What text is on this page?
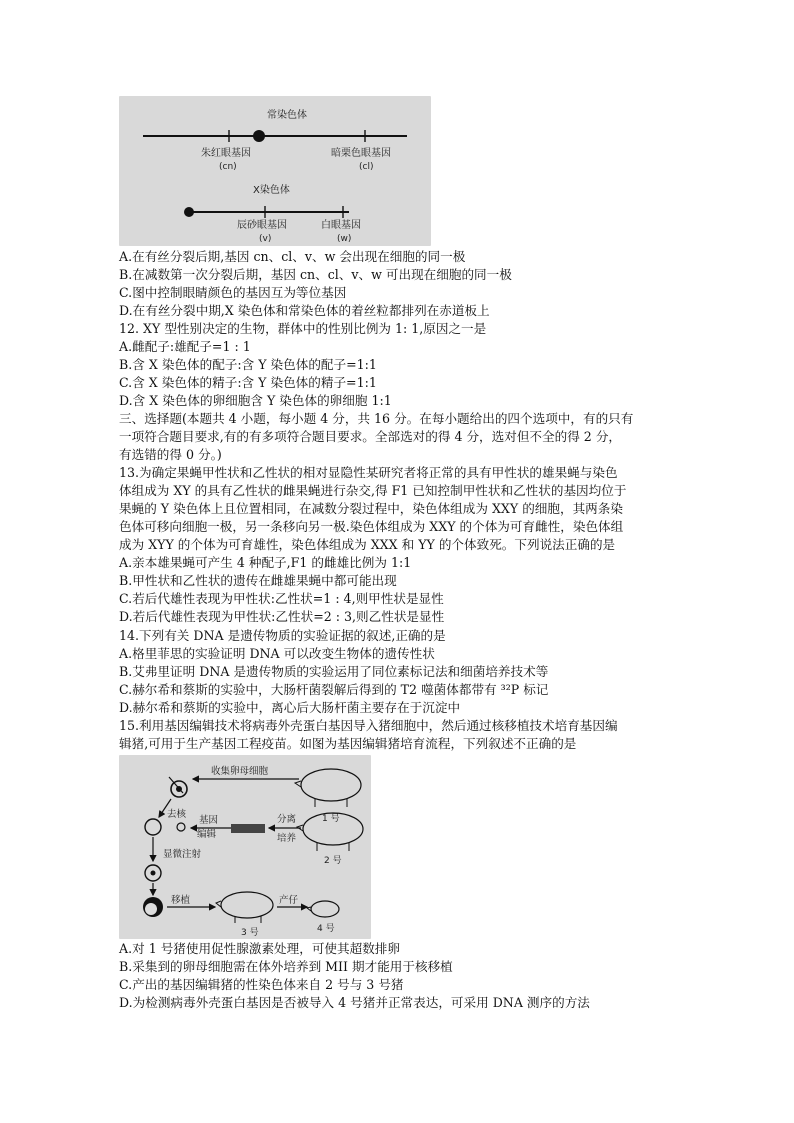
常染色体
朱红眼基因
(cn)
暗栗色眼基因
(cl)
X染色体
辰砂眼基因
(v)
白眼基因
(w)
A.在有丝分裂后期,基因 cn、cl、v、w 会出现在细胞的同一极
B.在减数第一次分裂后期，基因 cn、cl、v、w 可出现在细胞的同一极
C.图中控制眼睛颜色的基因互为等位基因
D.在有丝分裂中期,X 染色体和常染色体的着丝粒都排列在赤道板上
12. XY 型性别决定的生物，群体中的性别比例为 1: 1,原因之一是
A.雌配子:雄配子=1 : 1
B.含 X 染色体的配子:含 Y 染色体的配子=1:1
C.含 X 染色体的精子:含 Y 染色体的精子=1:1
D.含 X 染色体的卵细胞含 Y 染色体的卵细胞 1:1
三、选择题(本题共 4 小题，每小题 4 分，共 16 分。在每小题给出的四个选项中，有的只有
一项符合题目要求,有的有多项符合题目要求。全部选对的得 4 分，选对但不全的得 2 分，
有选错的得 0 分。)
13.为确定果蝇甲性状和乙性状的相对显隐性某研究者将正常的具有甲性状的雄果蝇与染色
体组成为 XY 的具有乙性状的雌果蝇进行杂交,得 F1 已知控制甲性状和乙性状的基因均位于
果蝇的 Y 染色体上且位置相同，在减数分裂过程中，染色体组成为 XXY 的细胞，其两条染
色体可移向细胞一极，另一条移向另一极.染色体组成为 XXY 的个体为可育雌性，染色体组
成为 XYY 的个体为可育雄性，染色体组成为 XXX 和 YY 的个体致死。下列说法正确的是
A.亲本雄果蝇可产生 4 种配子,F1 的雌雄比例为 1:1
B.甲性状和乙性状的遗传在雌雄果蝇中都可能出现
C.若后代雄性表现为甲性状:乙性状=1 : 4,则甲性状是显性
D.若后代雄性表现为甲性状:乙性状=2 : 3,则乙性状是显性
14.下列有关 DNA 是遗传物质的实验证据的叙述,正确的是
A.格里菲思的实验证明 DNA 可以改变生物体的遗传性状
B.艾弗里证明 DNA 是遗传物质的实验运用了同位素标记法和细菌培养技术等
C.赫尔希和蔡斯的实验中，大肠杆菌裂解后得到的 T2 噬菌体都带有 ³²P 标记
D.赫尔希和蔡斯的实验中，离心后大肠杆菌主要存在于沉淀中
15.利用基因编辑技术将病毒外壳蛋白基因导入猪细胞中，然后通过核移植技术培育基因编
辑猪,可用于生产基因工程疫苗。如图为基因编辑猪培育流程，下列叙述不正确的是
收集卵母细胞
1 号
去核
基因
编辑
分离
培养
2 号
显微注射
移植
3 号
产仔
4 号
A.对 1 号猪使用促性腺激素处理，可使其超数排卵
B.采集到的卵母细胞需在体外培养到 MII 期才能用于核移植
C.产出的基因编辑猪的性染色体来自 2 号与 3 号猪
D.为检测病毒外壳蛋白基因是否被导入 4 号猪并正常表达，可采用 DNA 测序的方法
